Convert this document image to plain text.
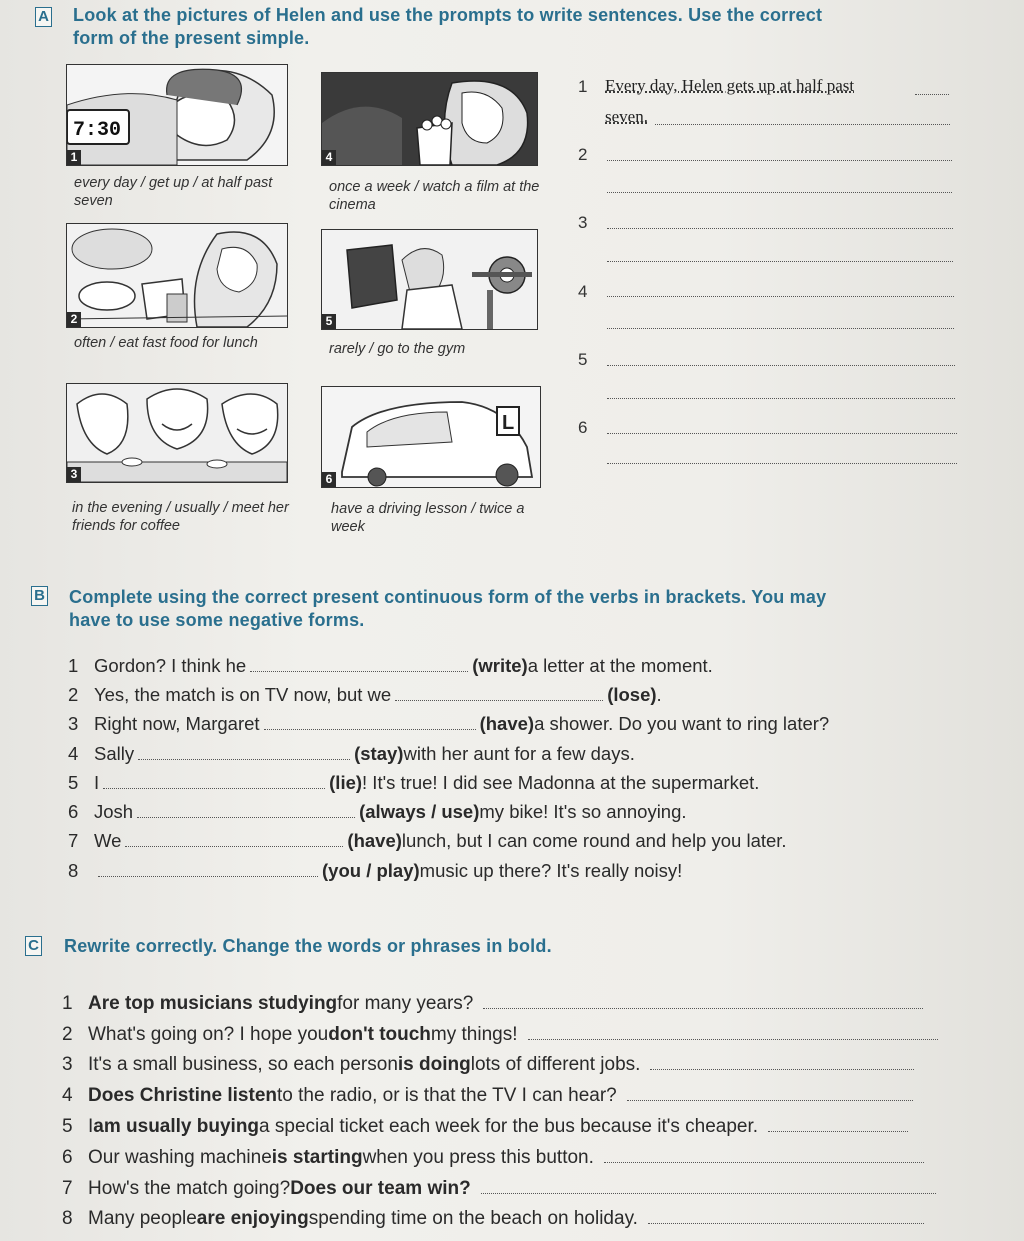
A Look at the pictures of Helen and use the prompts to write sentences. Use the correct form of the present simple.
7:30
1	4
every day / get up / at half past seven
once a week / watch a film at the cinema
2	5
often / eat fast food for lunch	rarely / go to the gym
3
L
6
in the evening / usually / meet her friends for coffee
have a driving lesson / twice a week
1 Every day, Helen gets up at half past
seven.
2
3
4
5
6
B Complete using the correct present continuous form of the verbs in brackets. You may have to use some negative forms.
1 Gordon? I think he	(write) a letter at the moment.
2 Yes, the match is on TV now, but we	(lose) .
3 Right now, Margaret	(have) a shower. Do you want to ring later?
4 Sally	(stay) with her aunt for a few days.
5 I	(lie) ! It's true! I did see Madonna at the supermarket.
6 Josh	(always / use) my bike! It's so annoying.
7 We	(have) lunch, but I can come round and help you later.
8	(you / play) music up there? It's really noisy!
C Rewrite correctly. Change the words or phrases in bold.
1 Are top musicians studying for many years?
2 What's going on? I hope you don't touch my things!
3 It's a small business, so each person is doing lots of different jobs.
4 Does Christine listen to the radio, or is that the TV I can hear?
5 I am usually buying a special ticket each week for the bus because it's cheaper.
6 Our washing machine is starting when you press this button.
7 How's the match going? Does our team win?
8 Many people are enjoying spending time on the beach on holiday.
